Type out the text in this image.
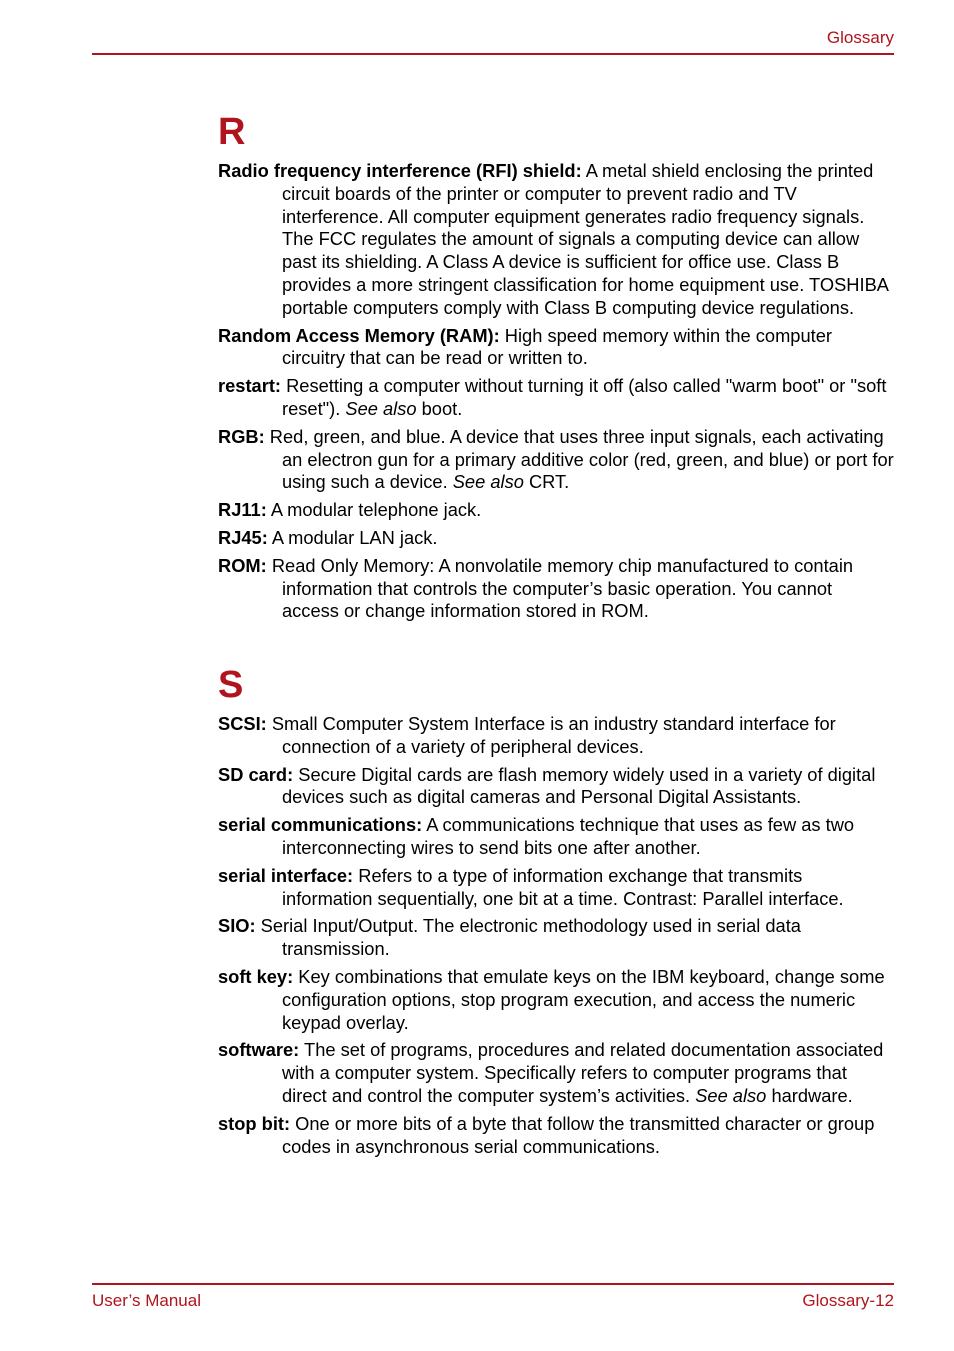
Glossary
R

Radio frequency interference (RFI) shield: A metal shield enclosing the printed circuit boards of the printer or computer to prevent radio and TV interference. All computer equipment generates radio frequency signals. The FCC regulates the amount of signals a computing device can allow past its shielding. A Class A device is sufficient for office use. Class B provides a more stringent classification for home equipment use. TOSHIBA portable computers comply with Class B computing device regulations.

Random Access Memory (RAM): High speed memory within the computer circuitry that can be read or written to.

restart: Resetting a computer without turning it off (also called "warm boot" or "soft reset"). See also boot.

RGB: Red, green, and blue. A device that uses three input signals, each activating an electron gun for a primary additive color (red, green, and blue) or port for using such a device. See also CRT.

RJ11: A modular telephone jack.

RJ45: A modular LAN jack.

ROM: Read Only Memory: A nonvolatile memory chip manufactured to contain information that controls the computer’s basic operation. You cannot access or change information stored in ROM.

S

SCSI: Small Computer System Interface is an industry standard interface for connection of a variety of peripheral devices.

SD card: Secure Digital cards are flash memory widely used in a variety of digital devices such as digital cameras and Personal Digital Assistants.

serial communications: A communications technique that uses as few as two interconnecting wires to send bits one after another.

serial interface: Refers to a type of information exchange that transmits information sequentially, one bit at a time. Contrast: Parallel interface.

SIO: Serial Input/Output. The electronic methodology used in serial data transmission.

soft key: Key combinations that emulate keys on the IBM keyboard, change some configuration options, stop program execution, and access the numeric keypad overlay.

software: The set of programs, procedures and related documentation associated with a computer system. Specifically refers to computer programs that direct and control the computer system’s activities. See also hardware.

stop bit: One or more bits of a byte that follow the transmitted character or group codes in asynchronous serial communications.

User’s Manual	Glossary-12
